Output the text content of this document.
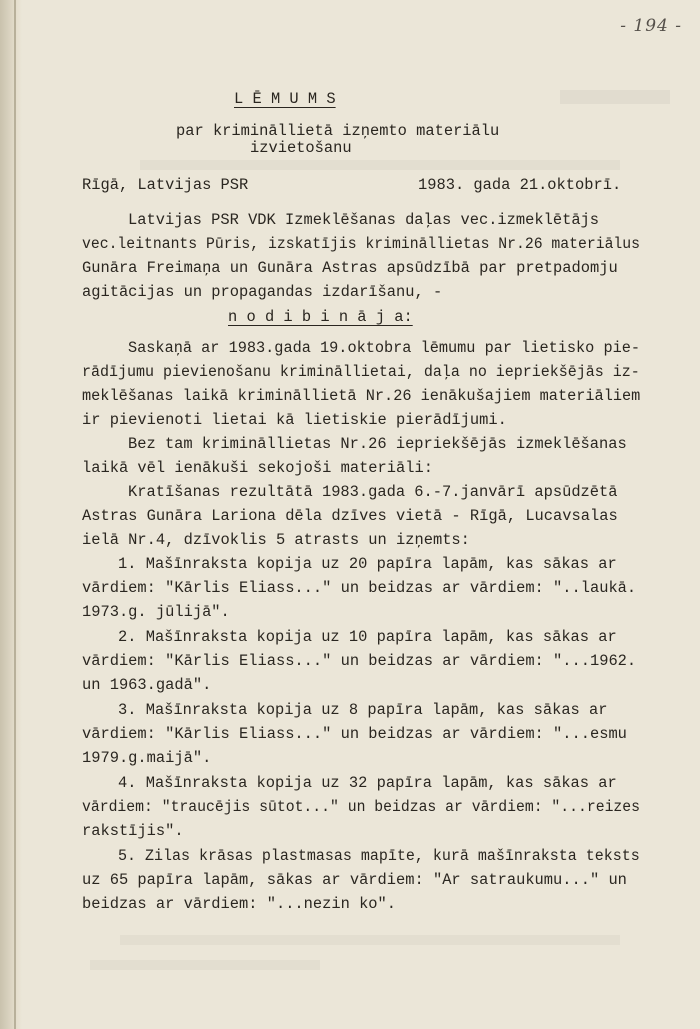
- 194 -
L Ē M U M S
par krimināllietā izņemto materiālu
izvietošanu
Rīgā, Latvijas PSR	1983. gada 21.oktobrī.
Latvijas PSR VDK Izmeklēšanas daļas vec.izmeklētājs
vec.leitnants Pūris, izskatījis krimināllietas Nr.26 materiālus
Gunāra Freimaņa un Gunāra Astras apsūdzībā par pretpadomju
agitācijas un propagandas izdarīšanu, -
n o d i b i n ā j a:
Saskaņā ar 1983.gada 19.oktobra lēmumu par lietisko pie-
rādījumu pievienošanu krimināllietai, daļa no iepriekšējās iz-
meklēšanas laikā krimināllietā Nr.26 ienākušajiem materiāliem
ir pievienoti lietai kā lietiskie pierādījumi.
Bez tam krimināllietas Nr.26 iepriekšējās izmeklēšanas
laikā vēl ienākuši sekojoši materiāli:
Kratīšanas rezultātā 1983.gada 6.-7.janvārī apsūdzētā
Astras Gunāra Lariona dēla dzīves vietā - Rīgā, Lucavsalas
ielā Nr.4, dzīvoklis 5 atrasts un izņemts:
1. Mašīnraksta kopija uz 20 papīra lapām, kas sākas ar
vārdiem: "Kārlis Eliass..." un beidzas ar vārdiem: "..laukā.
1973.g. jūlijā".
2. Mašīnraksta kopija uz 10 papīra lapām, kas sākas ar
vārdiem: "Kārlis Eliass..." un beidzas ar vārdiem: "...1962.
un 1963.gadā".
3. Mašīnraksta kopija uz 8 papīra lapām, kas sākas ar
vārdiem: "Kārlis Eliass..." un beidzas ar vārdiem: "...esmu
1979.g.maijā".
4. Mašīnraksta kopija uz 32 papīra lapām, kas sākas ar
vārdiem: "traucējis sūtot..." un beidzas ar vārdiem: "...reizes
rakstījis".
5. Zilas krāsas plastmasas mapīte, kurā mašīnraksta teksts
uz 65 papīra lapām, sākas ar vārdiem: "Ar satraukumu..." un
beidzas ar vārdiem: "...nezin ko".
